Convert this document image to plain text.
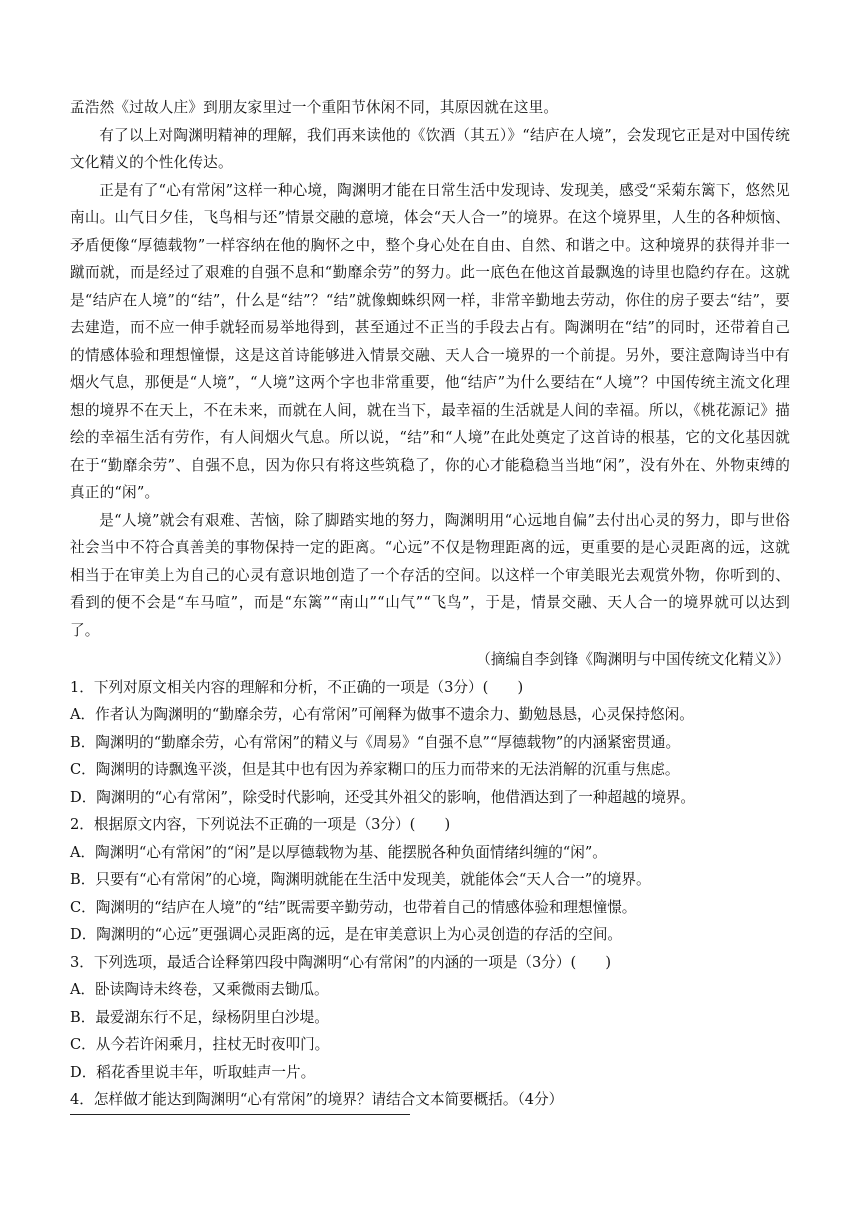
孟浩然《过故人庄》到朋友家里过一个重阳节休闲不同，其原因就在这里。

有了以上对陶渊明精神的理解，我们再来读他的《饮酒（其五）》“结庐在人境”，会发现它正是对中国传统文化精义的个性化传达。

正是有了“心有常闲”这样一种心境，陶渊明才能在日常生活中发现诗、发现美，感受“采菊东篱下，悠然见南山。山气日夕佳，飞鸟相与还”情景交融的意境，体会“天人合一”的境界。在这个境界里，人生的各种烦恼、矛盾便像“厚德载物”一样容纳在他的胸怀之中，整个身心处在自由、自然、和谐之中。这种境界的获得并非一蹴而就，而是经过了艰难的自强不息和“勤靡余劳”的努力。此一底色在他这首最飘逸的诗里也隐约存在。这就是“结庐在人境”的“结”，什么是“结”？“结”就像蜘蛛织网一样，非常辛勤地去劳动，你住的房子要去“结”，要去建造，而不应一伸手就轻而易举地得到，甚至通过不正当的手段去占有。陶渊明在“结”的同时，还带着自己的情感体验和理想憧憬，这是这首诗能够进入情景交融、天人合一境界的一个前提。另外，要注意陶诗当中有烟火气息，那便是“人境”，“人境”这两个字也非常重要，他“结庐”为什么要结在“人境”？中国传统主流文化理想的境界不在天上，不在未来，而就在人间，就在当下，最幸福的生活就是人间的幸福。所以，《桃花源记》描绘的幸福生活有劳作，有人间烟火气息。所以说，“结”和“人境”在此处奠定了这首诗的根基，它的文化基因就在于“勤靡余劳”、自强不息，因为你只有将这些筑稳了，你的心才能稳稳当当地“闲”，没有外在、外物束缚的真正的“闲”。

是“人境”就会有艰难、苦恼，除了脚踏实地的努力，陶渊明用“心远地自偏”去付出心灵的努力，即与世俗社会当中不符合真善美的事物保持一定的距离。“心远”不仅是物理距离的远，更重要的是心灵距离的远，这就相当于在审美上为自己的心灵有意识地创造了一个存活的空间。以这样一个审美眼光去观赏外物，你听到的、看到的便不会是“车马喧”，而是“东篱”“南山”“山气”“飞鸟”，于是，情景交融、天人合一的境界就可以达到了。

（摘编自李剑锋《陶渊明与中国传统文化精义》）

1．下列对原文相关内容的理解和分析，不正确的一项是（3分）(　　)

A．作者认为陶渊明的“勤靡余劳，心有常闲”可阐释为做事不遗余力、勤勉恳恳，心灵保持悠闲。

B．陶渊明的“勤靡余劳，心有常闲”的精义与《周易》“自强不息”“厚德载物”的内涵紧密贯通。

C．陶渊明的诗飘逸平淡，但是其中也有因为养家糊口的压力而带来的无法消解的沉重与焦虑。

D．陶渊明的“心有常闲”，除受时代影响，还受其外祖父的影响，他借酒达到了一种超越的境界。

2．根据原文内容，下列说法不正确的一项是（3分）(　　)

A．陶渊明“心有常闲”的“闲”是以厚德载物为基、能摆脱各种负面情绪纠缠的“闲”。

B．只要有“心有常闲”的心境，陶渊明就能在生活中发现美，就能体会“天人合一”的境界。

C．陶渊明的“结庐在人境”的“结”既需要辛勤劳动，也带着自己的情感体验和理想憧憬。

D．陶渊明的“心远”更强调心灵距离的远，是在审美意识上为心灵创造的存活的空间。

3．下列选项，最适合诠释第四段中陶渊明“心有常闲”的内涵的一项是（3分）(　　)

A．卧读陶诗未终卷，又乘微雨去锄瓜。

B．最爱湖东行不足，绿杨阴里白沙堤。

C．从今若许闲乘月，拄杖无时夜叩门。

D．稻花香里说丰年，听取蛙声一片。

4．怎样做才能达到陶渊明“心有常闲”的境界？请结合文本简要概括。（4分）
